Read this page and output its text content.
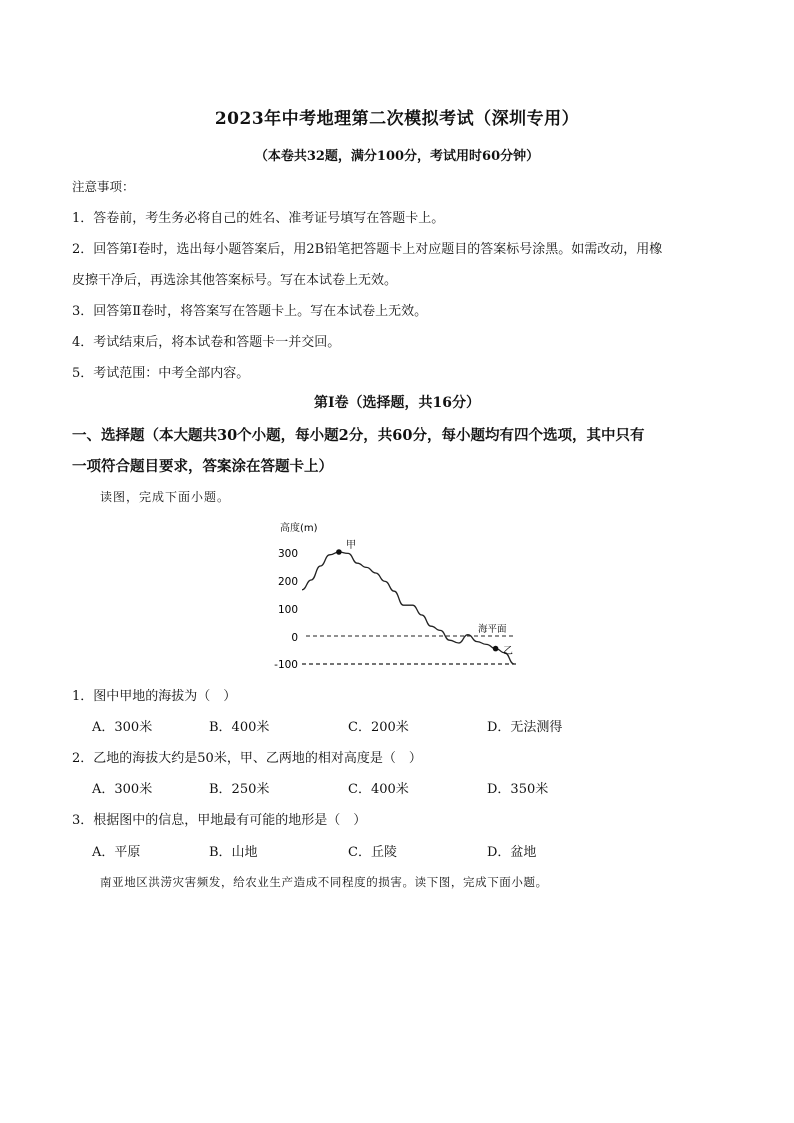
2023年中考地理第二次模拟考试（深圳专用）
（本卷共32题，满分100分，考试用时60分钟）
注意事项：
1．答卷前，考生务必将自己的姓名、准考证号填写在答题卡上。
2．回答第Ⅰ卷时，选出每小题答案后，用2B铅笔把答题卡上对应题目的答案标号涂黑。如需改动，用橡
皮擦干净后，再选涂其他答案标号。写在本试卷上无效。
3．回答第Ⅱ卷时，将答案写在答题卡上。写在本试卷上无效。
4．考试结束后，将本试卷和答题卡一并交回。
5．考试范围：中考全部内容。
第Ⅰ卷（选择题，共16分）
一、选择题（本大题共30个小题，每小题2分，共60分，每小题均有四个选项，其中只有
一项符合题目要求，答案涂在答题卡上）
读图，完成下面小题。
高度(m)
300
200
100
0
-100
甲
乙
海平面
1．图中甲地的海拔为（　）
A．300米	B．400米	C．200米	D．无法测得
2．乙地的海拔大约是50米，甲、乙两地的相对高度是（　）
A．300米	B．250米	C．400米	D．350米
3．根据图中的信息，甲地最有可能的地形是（　）
A．平原	B．山地	C．丘陵	D．盆地
南亚地区洪涝灾害频发，给农业生产造成不同程度的损害。读下图，完成下面小题。
